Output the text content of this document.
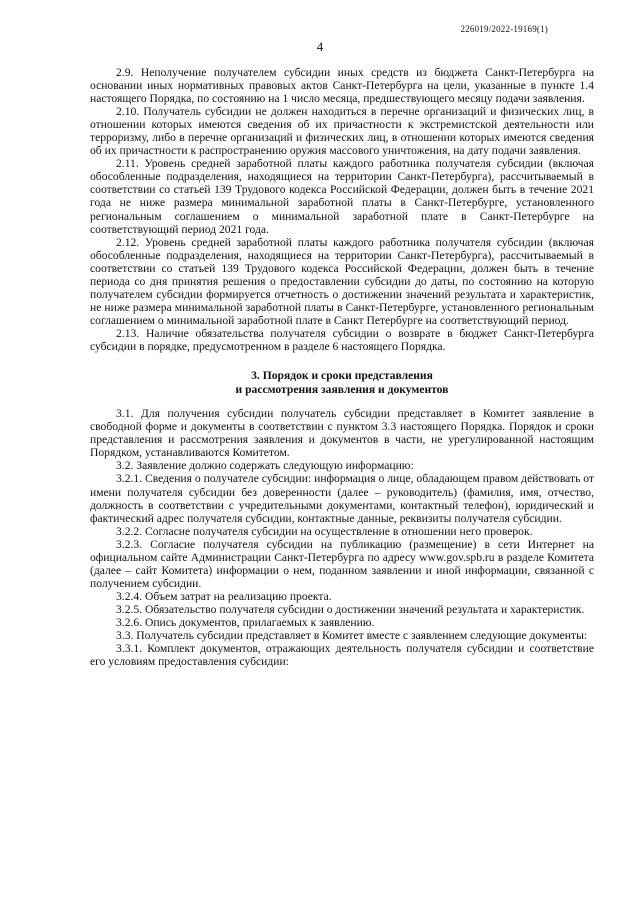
226019/2022-19169(1)
4

2.9. Неполучение получателем субсидии иных средств из бюджета Санкт-Петербурга на основании иных нормативных правовых актов Санкт-Петербурга на цели, указанные в пункте 1.4 настоящего Порядка, по состоянию на 1 число месяца, предшествующего месяцу подачи заявления.

2.10. Получатель субсидии не должен находиться в перечне организаций и физических лиц, в отношении которых имеются сведения об их причастности к экстремистской деятельности или терроризму, либо в перечне организаций и физических лиц, в отношении которых имеются сведения об их причастности к распространению оружия массового уничтожения, на дату подачи заявления.

2.11. Уровень средней заработной платы каждого работника получателя субсидии (включая обособленные подразделения, находящиеся на территории Санкт-Петербурга), рассчитываемый в соответствии со статьей 139 Трудового кодекса Российской Федерации, должен быть в течение 2021 года не ниже размера минимальной заработной платы в Санкт-Петербурге, установленного региональным соглашением о минимальной заработной плате в Санкт-Петербурге на соответствующий период 2021 года.

2.12. Уровень средней заработной платы каждого работника получателя субсидии (включая обособленные подразделения, находящиеся на территории Санкт-Петербурга), рассчитываемый в соответствии со статьей 139 Трудового кодекса Российской Федерации, должен быть в течение периода со дня принятия решения о предоставлении субсидии до даты, по состоянию на которую получателем субсидии формируется отчетность о достижении значений результата и характеристик, не ниже размера минимальной заработной платы в Санкт-Петербурге, установленного региональным соглашением о минимальной заработной плате в Санкт Петербурге на соответствующий период.

2.13. Наличие обязательства получателя субсидии о возврате в бюджет Санкт-Петербурга субсидии в порядке, предусмотренном в разделе 6 настоящего Порядка.

3. Порядок и сроки представления
и рассмотрения заявления и документов

3.1. Для получения субсидии получатель субсидии представляет в Комитет заявление в свободной форме и документы в соответствии с пунктом 3.3 настоящего Порядка. Порядок и сроки представления и рассмотрения заявления и документов в части, не урегулированной настоящим Порядком, устанавливаются Комитетом.

3.2. Заявление должно содержать следующую информацию:

3.2.1. Сведения о получателе субсидии: информация о лице, обладающем правом действовать от имени получателя субсидии без доверенности (далее – руководитель) (фамилия, имя, отчество, должность в соответствии с учредительными документами, контактный телефон), юридический и фактический адрес получателя субсидии, контактные данные, реквизиты получателя субсидии.

3.2.2. Согласие получателя субсидии на осуществление в отношении него проверок.

3.2.3. Согласие получателя субсидии на публикацию (размещение) в сети Интернет на официальном сайте Администрации Санкт-Петербурга по адресу www.gov.spb.ru в разделе Комитета (далее – сайт Комитета) информации о нем, поданном заявлении и иной информации, связанной с получением субсидии.

3.2.4. Объем затрат на реализацию проекта.

3.2.5. Обязательство получателя субсидии о достижении значений результата и характеристик.

3.2.6. Опись документов, прилагаемых к заявлению.

3.3. Получатель субсидии представляет в Комитет вместе с заявлением следующие документы:

3.3.1. Комплект документов, отражающих деятельность получателя субсидии и соответствие его условиям предоставления субсидии:
